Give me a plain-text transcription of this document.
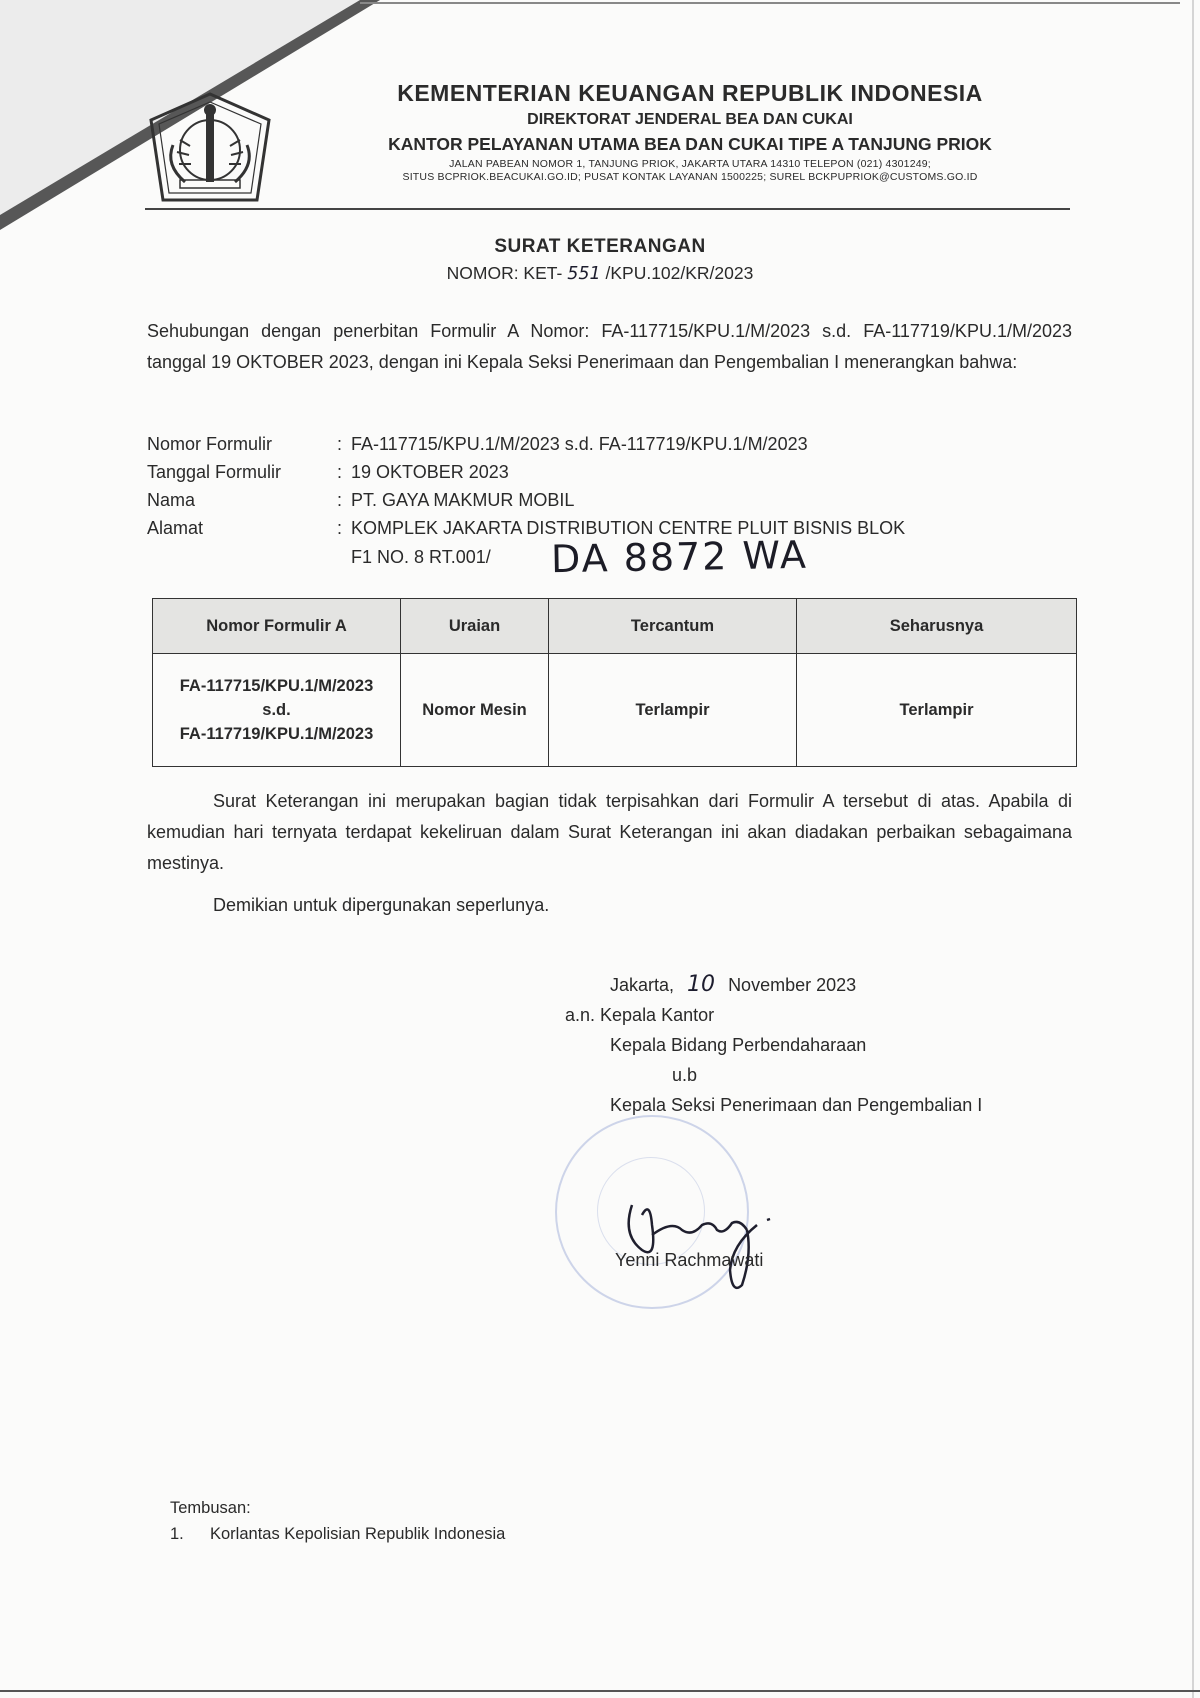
KEMENTERIAN KEUANGAN REPUBLIK INDONESIA
DIREKTORAT JENDERAL BEA DAN CUKAI
KANTOR PELAYANAN UTAMA BEA DAN CUKAI TIPE A TANJUNG PRIOK
JALAN PABEAN NOMOR 1, TANJUNG PRIOK, JAKARTA UTARA 14310 TELEPON (021) 4301249;
SITUS BCPRIOK.BEACUKAI.GO.ID; PUSAT KONTAK LAYANAN 1500225; SUREL BCKPUPRIOK@CUSTOMS.GO.ID
SURAT KETERANGAN
NOMOR: KET- 551 /KPU.102/KR/2023
Sehubungan dengan penerbitan Formulir A Nomor: FA-117715/KPU.1/M/2023 s.d. FA-117719/KPU.1/M/2023 tanggal 19 OKTOBER 2023, dengan ini Kepala Seksi Penerimaan dan Pengembalian I menerangkan bahwa:
Nomor Formulir	: FA-117715/KPU.1/M/2023 s.d. FA-117719/KPU.1/M/2023
Tanggal Formulir	: 19 OKTOBER 2023
Nama	: PT. GAYA MAKMUR MOBIL
Alamat	: KOMPLEK JAKARTA DISTRIBUTION CENTRE PLUIT BISNIS BLOK
F1 NO. 8 RT.001/ DA 8872 WA
Nomor Formulir A	Uraian	Tercantum	Seharusnya

FA-117715/KPU.1/M/2023
s.d.
FA-117719/KPU.1/M/2023	Nomor Mesin	Terlampir	Terlampir
Surat Keterangan ini merupakan bagian tidak terpisahkan dari Formulir A tersebut di atas. Apabila di kemudian hari ternyata terdapat kekeliruan dalam Surat Keterangan ini akan diadakan perbaikan sebagaimana mestinya.
Demikian untuk dipergunakan seperlunya.
Jakarta, 10 November 2023
a.n. Kepala Kantor
Kepala Bidang Perbendaharaan
u.b
Kepala Seksi Penerimaan dan Pengembalian I
Yenni Rachmawati
Tembusan:
1.	Korlantas Kepolisian Republik Indonesia
